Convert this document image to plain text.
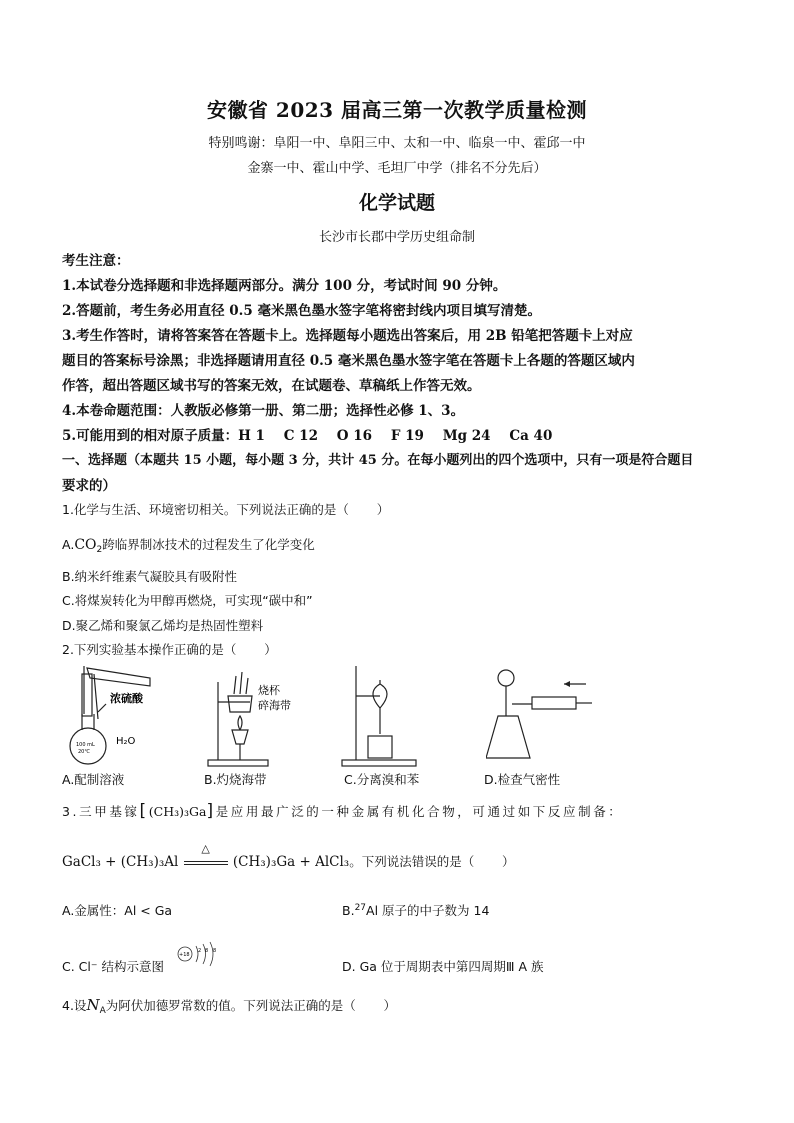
安徽省 2023 届高三第一次教学质量检测
特别鸣谢：阜阳一中、阜阳三中、太和一中、临泉一中、霍邱一中
金寨一中、霍山中学、毛坦厂中学（排名不分先后）
化学试题
长沙市长郡中学历史组命制
考生注意：
1.本试卷分选择题和非选择题两部分。满分 100 分，考试时间 90 分钟。
2.答题前，考生务必用直径 0.5 毫米黑色墨水签字笔将密封线内项目填写清楚。
3.考生作答时，请将答案答在答题卡上。选择题每小题选出答案后，用 2B 铅笔把答题卡上对应
题目的答案标号涂黑；非选择题请用直径 0.5 毫米黑色墨水签字笔在答题卡上各题的答题区域内
作答，超出答题区域书写的答案无效，在试题卷、草稿纸上作答无效。
4.本卷命题范围：人教版必修第一册、第二册；选择性必修 1、3。
5.可能用到的相对原子质量：H 1    C 12    O 16    F 19    Mg 24    Ca 40
一、选择题（本题共 15 小题，每小题 3 分，共计 45 分。在每小题列出的四个选项中，只有一项是符合题目
要求的）
1.化学与生活、环境密切相关。下列说法正确的是（       ）
$A.CO_2$跨临界制冰技术的过程发生了化学变化
B.纳米纤维素气凝胶具有吸附性
C.将煤炭转化为甲醇再燃烧，可实现“碳中和”
D.聚乙烯和聚氯乙烯均是热固性塑料
2.下列实验基本操作正确的是（       ）
浓硫酸
H₂O
100 mL
20℃
烧杯
碎海带
A.配制溶液	B.灼烧海带	C.分离溴和苯	D.检查气密性
3.三甲基镓[(CH₃)₃Ga]是应用最广泛的一种金属有机化合物，可通过如下反应制备：
GaCl₃ + (CH₃)₃Al
△
(CH₃)₃Ga + AlCl₃。下列说法错误的是（       ）
A.金属性：Al < Ga	B.$^{27}$Al 原子的中子数为 14
C. Cl⁻ 结构示意图
+18
2 8 8
D. Ga 位于周期表中第四周期Ⅲ A 族
4.设$N_A$为阿伏加德罗常数的值。下列说法正确的是（       ）
